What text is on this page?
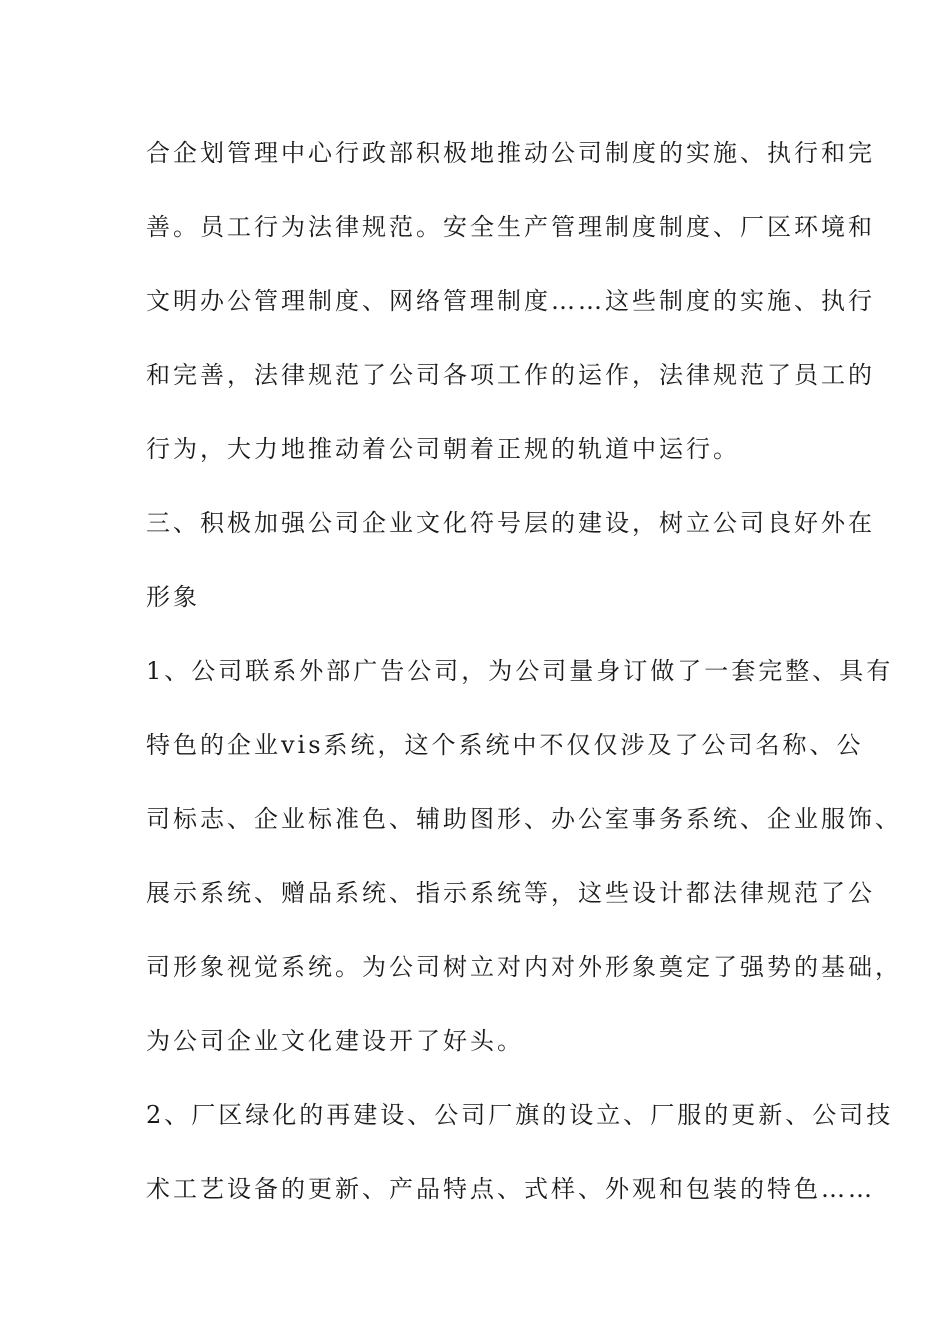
合企划管理中心行政部积极地推动公司制度的实施、执行和完
善。员工行为法律规范。安全生产管理制度制度、厂区环境和
文明办公管理制度、网络管理制度……这些制度的实施、执行
和完善，法律规范了公司各项工作的运作，法律规范了员工的
行为，大力地推动着公司朝着正规的轨道中运行。
三、积极加强公司企业文化符号层的建设，树立公司良好外在
形象
1、公司联系外部广告公司，为公司量身订做了一套完整、具有
特色的企业vis系统，这个系统中不仅仅涉及了公司名称、公
司标志、企业标准色、辅助图形、办公室事务系统、企业服饰、
展示系统、赠品系统、指示系统等，这些设计都法律规范了公
司形象视觉系统。为公司树立对内对外形象奠定了强势的基础，
为公司企业文化建设开了好头。
2、厂区绿化的再建设、公司厂旗的设立、厂服的更新、公司技
术工艺设备的更新、产品特点、式样、外观和包装的特色……
